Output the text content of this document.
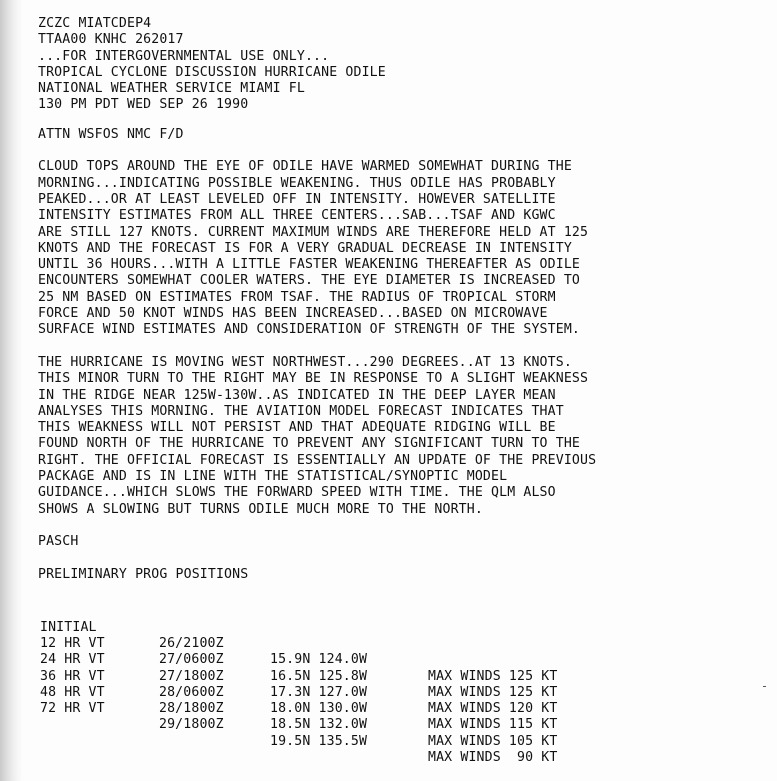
ZCZC MIATCDEP4
TTAA00 KNHC 262017
...FOR INTERGOVERNMENTAL USE ONLY...
TROPICAL CYCLONE DISCUSSION HURRICANE ODILE
NATIONAL WEATHER SERVICE MIAMI FL
130 PM PDT WED SEP 26 1990
ATTN WSFOS NMC F/D
CLOUD TOPS AROUND THE EYE OF ODILE HAVE WARMED SOMEWHAT DURING THE
MORNING...INDICATING POSSIBLE WEAKENING. THUS ODILE HAS PROBABLY
PEAKED...OR AT LEAST LEVELED OFF IN INTENSITY. HOWEVER SATELLITE
INTENSITY ESTIMATES FROM ALL THREE CENTERS...SAB...TSAF AND KGWC
ARE STILL 127 KNOTS. CURRENT MAXIMUM WINDS ARE THEREFORE HELD AT 125
KNOTS AND THE FORECAST IS FOR A VERY GRADUAL DECREASE IN INTENSITY
UNTIL 36 HOURS...WITH A LITTLE FASTER WEAKENING THEREAFTER AS ODILE
ENCOUNTERS SOMEWHAT COOLER WATERS. THE EYE DIAMETER IS INCREASED TO
25 NM BASED ON ESTIMATES FROM TSAF. THE RADIUS OF TROPICAL STORM
FORCE AND 50 KNOT WINDS HAS BEEN INCREASED...BASED ON MICROWAVE
SURFACE WIND ESTIMATES AND CONSIDERATION OF STRENGTH OF THE SYSTEM.
THE HURRICANE IS MOVING WEST NORTHWEST...290 DEGREES..AT 13 KNOTS.
THIS MINOR TURN TO THE RIGHT MAY BE IN RESPONSE TO A SLIGHT WEAKNESS
IN THE RIDGE NEAR 125W-130W..AS INDICATED IN THE DEEP LAYER MEAN
ANALYSES THIS MORNING. THE AVIATION MODEL FORECAST INDICATES THAT
THIS WEAKNESS WILL NOT PERSIST AND THAT ADEQUATE RIDGING WILL BE
FOUND NORTH OF THE HURRICANE TO PREVENT ANY SIGNIFICANT TURN TO THE
RIGHT. THE OFFICIAL FORECAST IS ESSENTIALLY AN UPDATE OF THE PREVIOUS
PACKAGE AND IS IN LINE WITH THE STATISTICAL/SYNOPTIC MODEL
GUIDANCE...WHICH SLOWS THE FORWARD SPEED WITH TIME. THE QLM ALSO
SHOWS A SLOWING BUT TURNS ODILE MUCH MORE TO THE NORTH.
PASCH
PRELIMINARY PROG POSITIONS

INITIAL

26/2100Z

15.9N 124.0W

MAX WINDS 125 KT

12 HR VT

27/0600Z

16.5N 125.8W

MAX WINDS 125 KT

24 HR VT

27/1800Z

17.3N 127.0W

MAX WINDS 120 KT

36 HR VT

28/0600Z

18.0N 130.0W

MAX WINDS 115 KT

48 HR VT

28/1800Z

18.5N 132.0W

MAX WINDS 105 KT

72 HR VT

29/1800Z

19.5N 135.5W

MAX WINDS  90 KT
